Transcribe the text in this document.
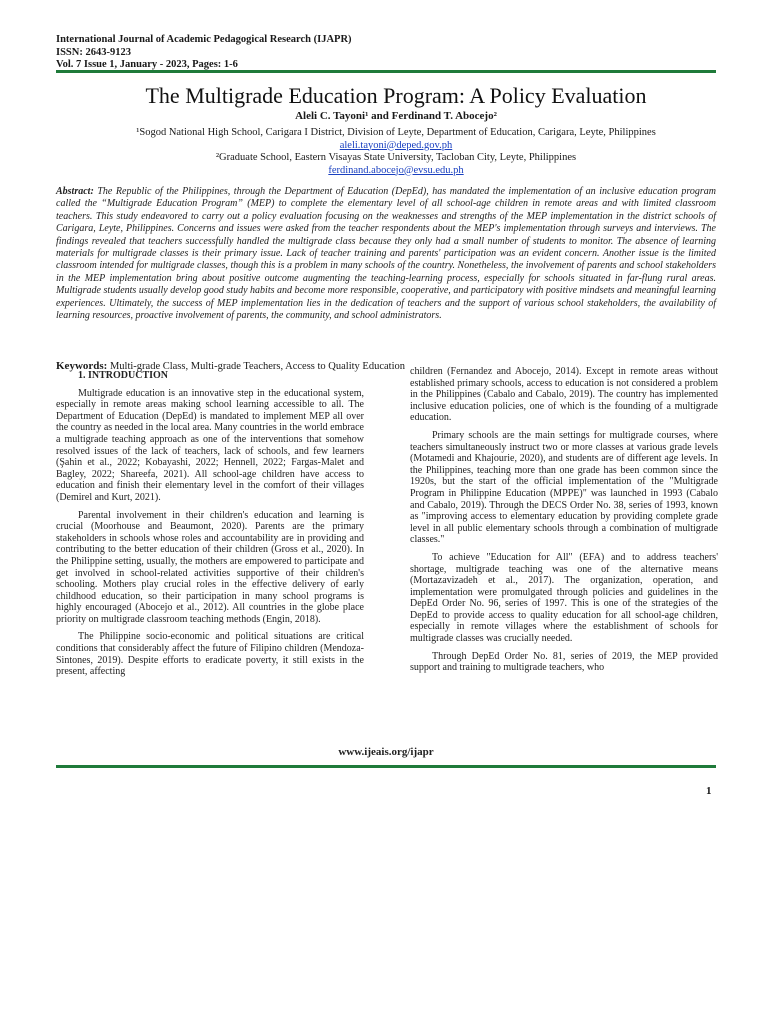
International Journal of Academic Pedagogical Research (IJAPR)
ISSN: 2643-9123
Vol. 7 Issue 1, January - 2023, Pages: 1-6
The Multigrade Education Program: A Policy Evaluation
Aleli C. Tayoni¹ and Ferdinand T. Abocejo²
¹Sogod National High School, Carigara I District, Division of Leyte, Department of Education, Carigara, Leyte, Philippines
aleli.tayoni@deped.gov.ph
²Graduate School, Eastern Visayas State University, Tacloban City, Leyte, Philippines
ferdinand.abocejo@evsu.edu.ph
Abstract: The Republic of the Philippines, through the Department of Education (DepEd), has mandated the implementation of an inclusive education program called the “Multigrade Education Program” (MEP) to complete the elementary level of all school-age children in remote areas and with limited classroom teachers. This study endeavored to carry out a policy evaluation focusing on the weaknesses and strengths of the MEP implementation in the district schools of Carigara, Leyte, Philippines. Concerns and issues were asked from the teacher respondents about the MEP's implementation through surveys and interviews. The findings revealed that teachers successfully handled the multigrade class because they only had a small number of students to monitor. The absence of learning materials for multigrade classes is their primary issue. Lack of teacher training and parents' participation was an evident concern. Another issue is the limited classroom intended for multigrade classes, though this is a problem in many schools of the country. Nonetheless, the involvement of parents and school stakeholders in the MEP implementation bring about positive outcome augmenting the teaching-learning process, especially for schools situated in far-flung rural areas. Multigrade students usually develop good study habits and become more responsible, cooperative, and participatory with positive mindsets and meaningful learning experiences. Ultimately, the success of MEP implementation lies in the dedication of teachers and the support of various school stakeholders, the availability of learning resources, proactive involvement of parents, the community, and school administrators.
Keywords: Multi-grade Class, Multi-grade Teachers, Access to Quality Education

1. INTRODUCTION

Multigrade education is an innovative step in the educational system, especially in remote areas making school learning accessible to all. The Department of Education (DepEd) is mandated to implement MEP all over the country as needed in the local area. Many countries in the world embrace a multigrade teaching approach as one of the interventions that somehow resolved issues of the lack of teachers, lack of schools, and few learners (Şahin et al., 2022; Kobayashi, 2022; Hennell, 2022; Fargas-Malet and Bagley, 2022; Shareefa, 2021). All school-age children have access to education and finish their elementary level in the comfort of their villages (Demirel and Kurt, 2021).

Parental involvement in their children's education and learning is crucial (Moorhouse and Beaumont, 2020). Parents are the primary stakeholders in schools whose roles and accountability are in providing and contributing to the better education of their children (Gross et al., 2020). In the Philippine setting, usually, the mothers are empowered to participate and get involved in school-related activities supportive of their children's schooling. Mothers play crucial roles in the effective delivery of early childhood education, so their participation in many school programs is highly encouraged (Abocejo et al., 2012). All countries in the globe place priority on multigrade classroom teaching methods (Engin, 2018).

The Philippine socio-economic and political situations are critical conditions that considerably affect the future of Filipino children (Mendoza-Sintones, 2019). Despite efforts to eradicate poverty, it still exists in the present, affecting

children (Fernandez and Abocejo, 2014). Except in remote areas without established primary schools, access to education is not considered a problem in the Philippines (Cabalo and Cabalo, 2019). The country has implemented inclusive education policies, one of which is the founding of a multigrade education.

Primary schools are the main settings for multigrade courses, where teachers simultaneously instruct two or more classes at various grade levels (Motamedi and Khajourie, 2020), and students are of different age levels. In the Philippines, teaching more than one grade has been common since the 1920s, but the start of the official implementation of the "Multigrade Program in Philippine Education (MPPE)" was launched in 1993 (Cabalo and Cabalo, 2019). Through the DECS Order No. 38, series of 1993, known as "improving access to elementary education by providing complete grade level in all public elementary schools through a combination of multigrade classes."

To achieve "Education for All" (EFA) and to address teachers' shortage, multigrade teaching was one of the alternative means (Mortazavizadeh et al., 2017). The organization, operation, and implementation were promulgated through policies and guidelines in the DepEd Order No. 96, series of 1997. This is one of the strategies of the DepEd to provide access to quality education for all school-age children, especially in remote villages where the establishment of schools for multigrade classes was crucially needed.

Through DepEd Order No. 81, series of 2019, the MEP provided support and training to multigrade teachers, who

www.ijeais.org/ijapr
1
